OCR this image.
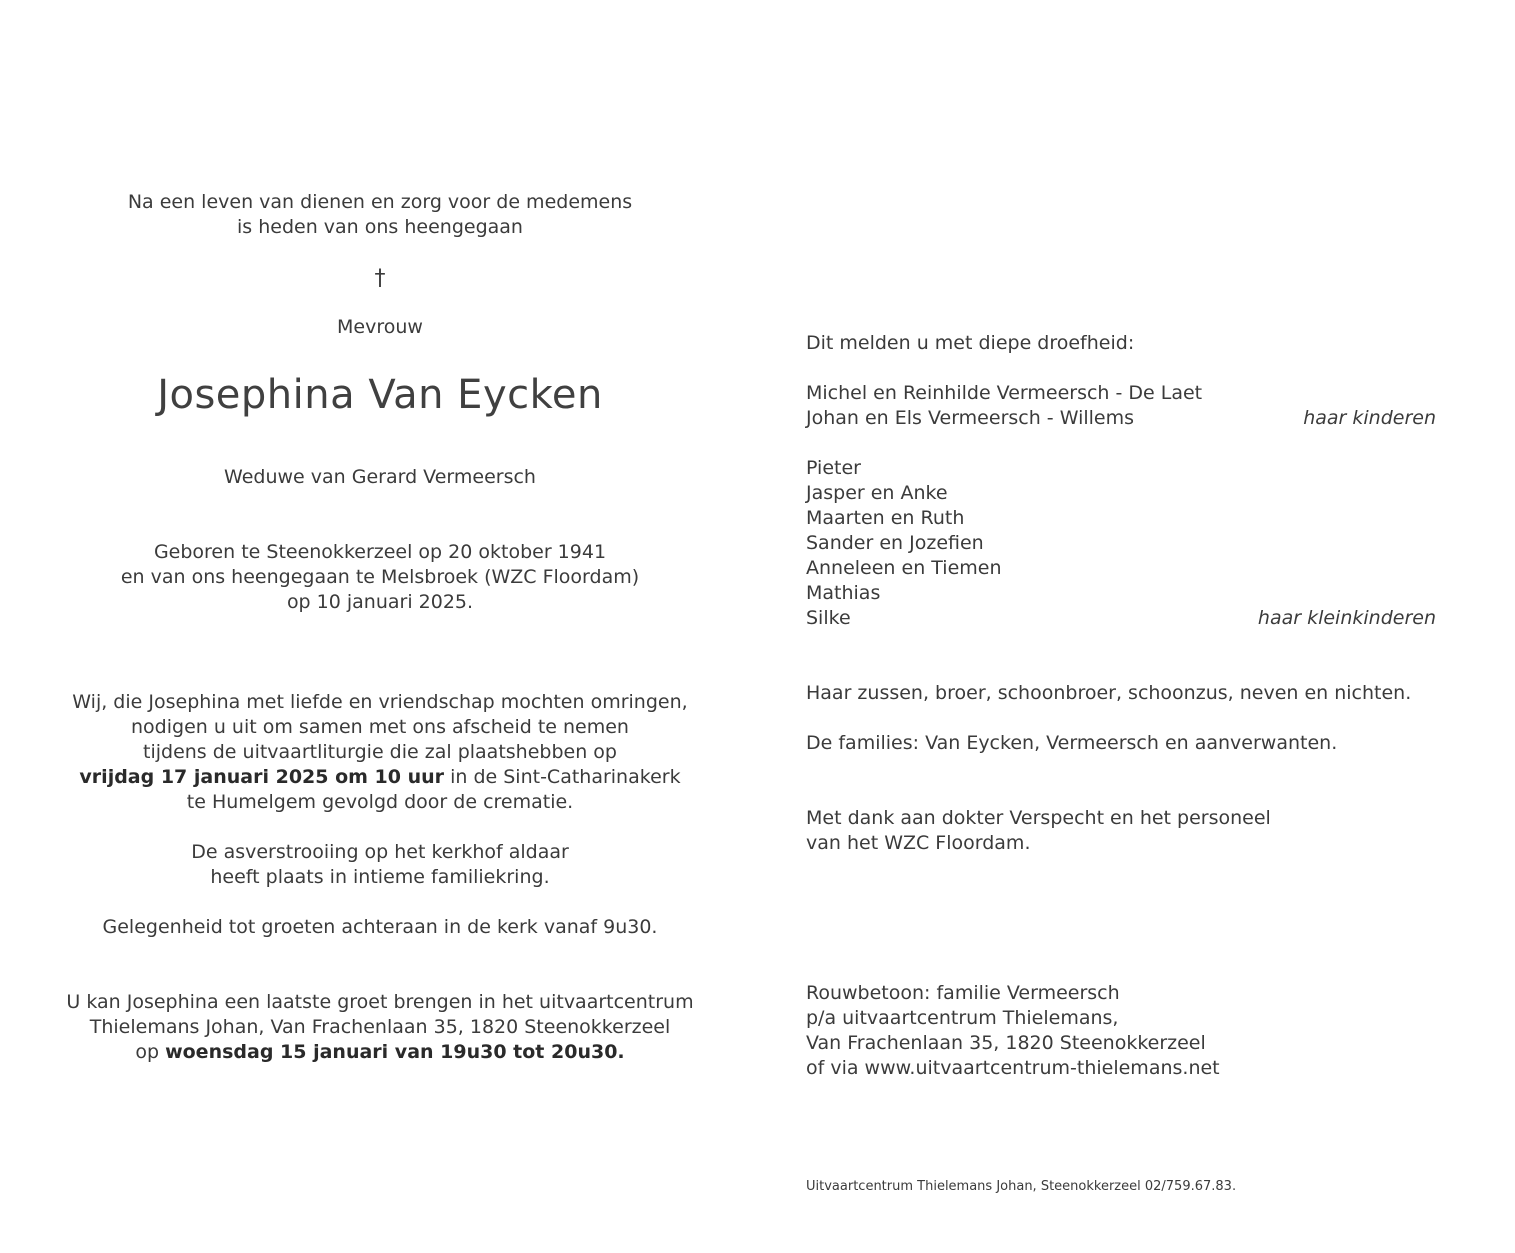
Na een leven van dienen en zorg voor de medemens
is heden van ons heengegaan
†
Mevrouw
Josephina Van Eycken
Weduwe van Gerard Vermeersch
Geboren te Steenokkerzeel op 20 oktober 1941
en van ons heengegaan te Melsbroek (WZC Floordam)
op 10 januari 2025.
Wij, die Josephina met liefde en vriendschap mochten omringen,
nodigen u uit om samen met ons afscheid te nemen
tijdens de uitvaartliturgie die zal plaatshebben op
vrijdag 17 januari 2025 om 10 uur in de Sint-Catharinakerk
te Humelgem gevolgd door de crematie.
De asverstrooiing op het kerkhof aldaar
heeft plaats in intieme familiekring.
Gelegenheid tot groeten achteraan in de kerk vanaf 9u30.
U kan Josephina een laatste groet brengen in het uitvaartcentrum
Thielemans Johan, Van Frachenlaan 35, 1820 Steenokkerzeel
op woensdag 15 januari van 19u30 tot 20u30.
Dit melden u met diepe droefheid:
Michel en Reinhilde Vermeersch - De Laet
Johan en Els Vermeersch - Willems	haar kinderen
Pieter
Jasper en Anke
Maarten en Ruth
Sander en Jozefien
Anneleen en Tiemen
Mathias
Silke	haar kleinkinderen
Haar zussen, broer, schoonbroer, schoonzus, neven en nichten.
De families: Van Eycken, Vermeersch en aanverwanten.
Met dank aan dokter Verspecht en het personeel
van het WZC Floordam.
Rouwbetoon: familie Vermeersch
p/a uitvaartcentrum Thielemans,
Van Frachenlaan 35, 1820 Steenokkerzeel
of via www.uitvaartcentrum-thielemans.net
Uitvaartcentrum Thielemans Johan, Steenokkerzeel 02/759.67.83.
